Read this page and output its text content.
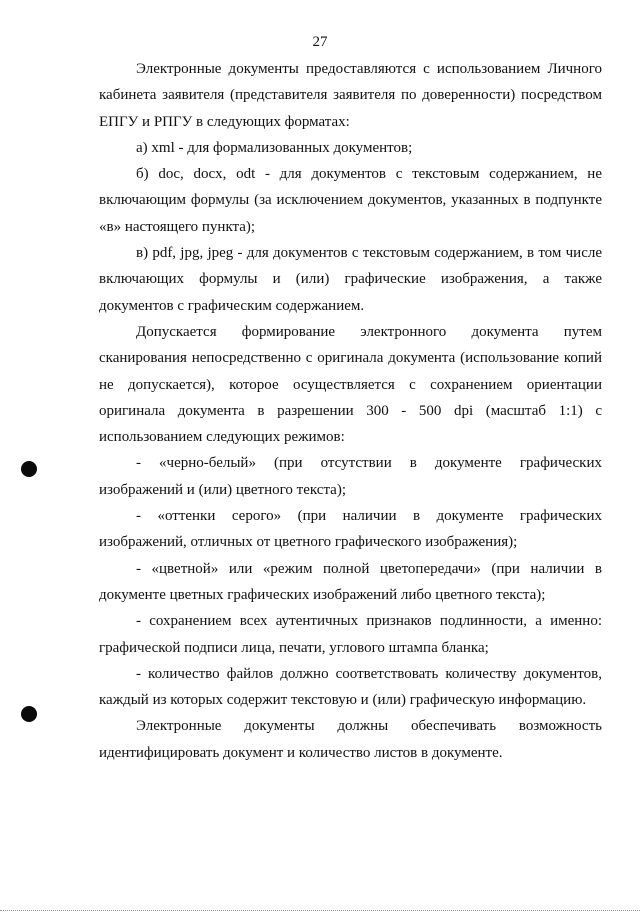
27
Электронные документы предоставляются с использованием Личного
кабинета заявителя (представителя заявителя по доверенности) посредством
ЕПГУ и РПГУ в следующих форматах:
а) xml - для формализованных документов;
б) doc, docx, odt - для документов с текстовым содержанием, не
включающим формулы (за исключением документов, указанных в подпункте
«в» настоящего пункта);
в) pdf, jpg, jpeg - для документов с текстовым содержанием, в том числе
включающих формулы и (или) графические изображения, а также
документов с графическим содержанием.
Допускается формирование электронного документа путем
сканирования непосредственно с оригинала документа (использование копий
не допускается), которое осуществляется с сохранением ориентации
оригинала документа в разрешении 300 - 500 dpi (масштаб 1:1) с
использованием следующих режимов:
- «черно-белый» (при отсутствии в документе графических
изображений и (или) цветного текста);
- «оттенки серого» (при наличии в документе графических
изображений, отличных от цветного графического изображения);
- «цветной» или «режим полной цветопередачи» (при наличии в
документе цветных графических изображений либо цветного текста);
- сохранением всех аутентичных признаков подлинности, а именно:
графической подписи лица, печати, углового штампа бланка;
- количество файлов должно соответствовать количеству документов,
каждый из которых содержит текстовую и (или) графическую информацию.
Электронные документы должны обеспечивать возможность
идентифицировать документ и количество листов в документе.
